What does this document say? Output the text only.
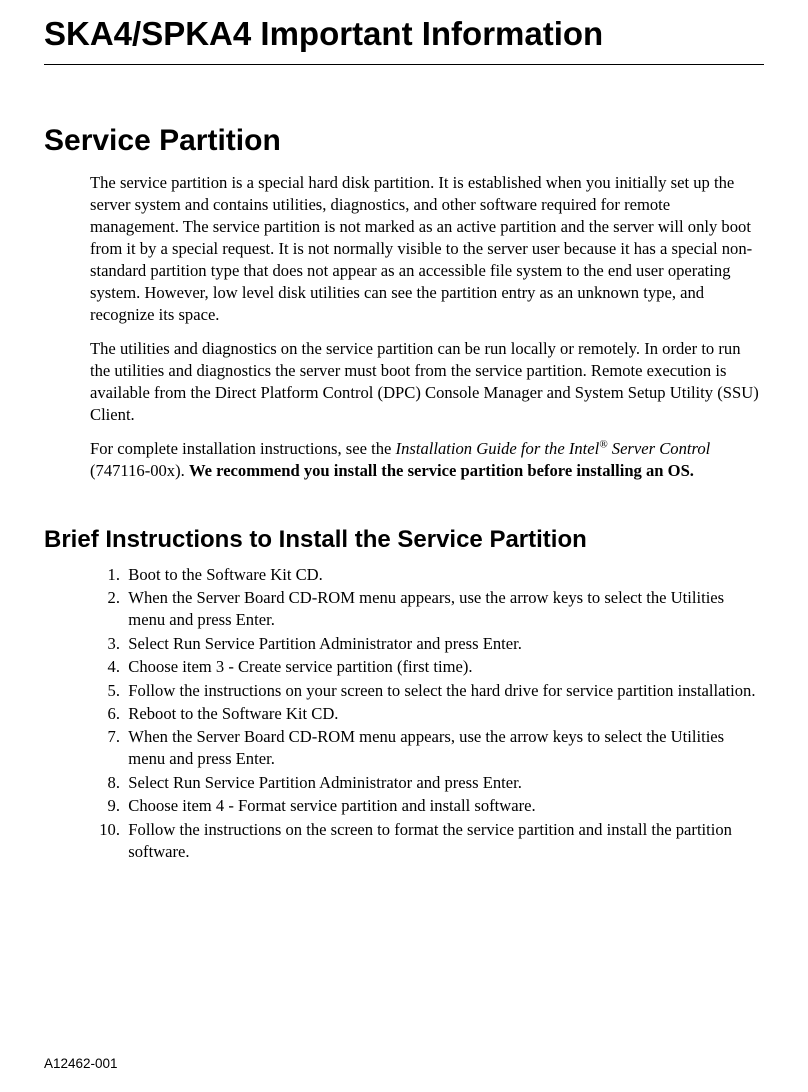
SKA4/SPKA4 Important Information
Service Partition

The service partition is a special hard disk partition. It is established when you initially set up the server system and contains utilities, diagnostics, and other software required for remote management. The service partition is not marked as an active partition and the server will only boot from it by a special request. It is not normally visible to the server user because it has a special non-standard partition type that does not appear as an accessible file system to the end user operating system. However, low level disk utilities can see the partition entry as an unknown type, and recognize its space.

The utilities and diagnostics on the service partition can be run locally or remotely. In order to run the utilities and diagnostics the server must boot from the service partition. Remote execution is available from the Direct Platform Control (DPC) Console Manager and System Setup Utility (SSU) Client.

For complete installation instructions, see the Installation Guide for the Intel® Server Control (747116-00x). We recommend you install the service partition before installing an OS.

Brief Instructions to Install the Service Partition
1. Boot to the Software Kit CD.
2. When the Server Board CD-ROM menu appears, use the arrow keys to select the Utilities menu and press Enter.
3. Select Run Service Partition Administrator and press Enter.
4. Choose item 3 - Create service partition (first time).
5. Follow the instructions on your screen to select the hard drive for service partition installation.
6. Reboot to the Software Kit CD.
7. When the Server Board CD-ROM menu appears, use the arrow keys to select the Utilities menu and press Enter.
8. Select Run Service Partition Administrator and press Enter.
9. Choose item 4 - Format service partition and install software.
10. Follow the instructions on the screen to format the service partition and install the partition software.
A12462-001
